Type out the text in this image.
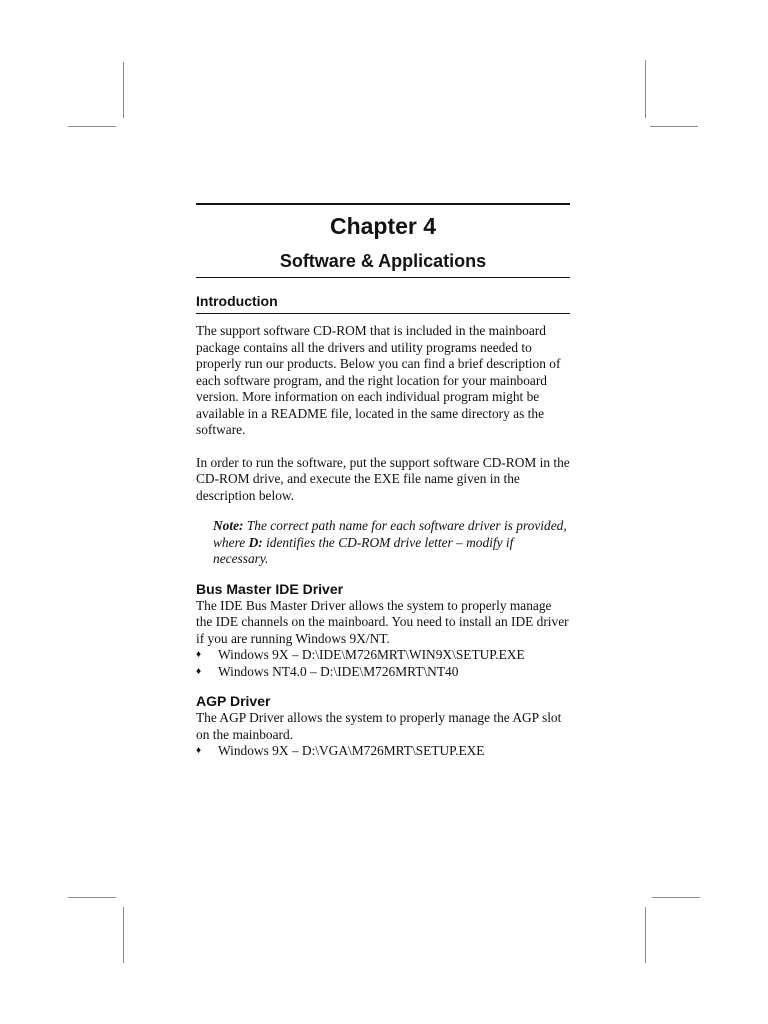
Chapter 4
Software & Applications
Introduction

The support software CD-ROM that is included in the mainboard package contains all the drivers and utility programs needed to properly run our products. Below you can find a brief description of each software program, and the right location for your mainboard version. More information on each individual program might be available in a README file, located in the same directory as the software.

In order to run the software, put the support software CD-ROM in the CD-ROM drive, and execute the EXE file name given in the description below.

Note: The correct path name for each software driver is provided, where D: identifies the CD-ROM drive letter – modify if necessary.

Bus Master IDE Driver

The IDE Bus Master Driver allows the system to properly manage the IDE channels on the mainboard. You need to install an IDE driver if you are running Windows 9X/NT.

♦	Windows 9X – D:\IDE\M726MRT\WIN9X\SETUP.EXE
♦	Windows NT4.0 – D:\IDE\M726MRT\NT40
AGP Driver

The AGP Driver allows the system to properly manage the AGP slot on the mainboard.

♦	Windows 9X – D:\VGA\M726MRT\SETUP.EXE
